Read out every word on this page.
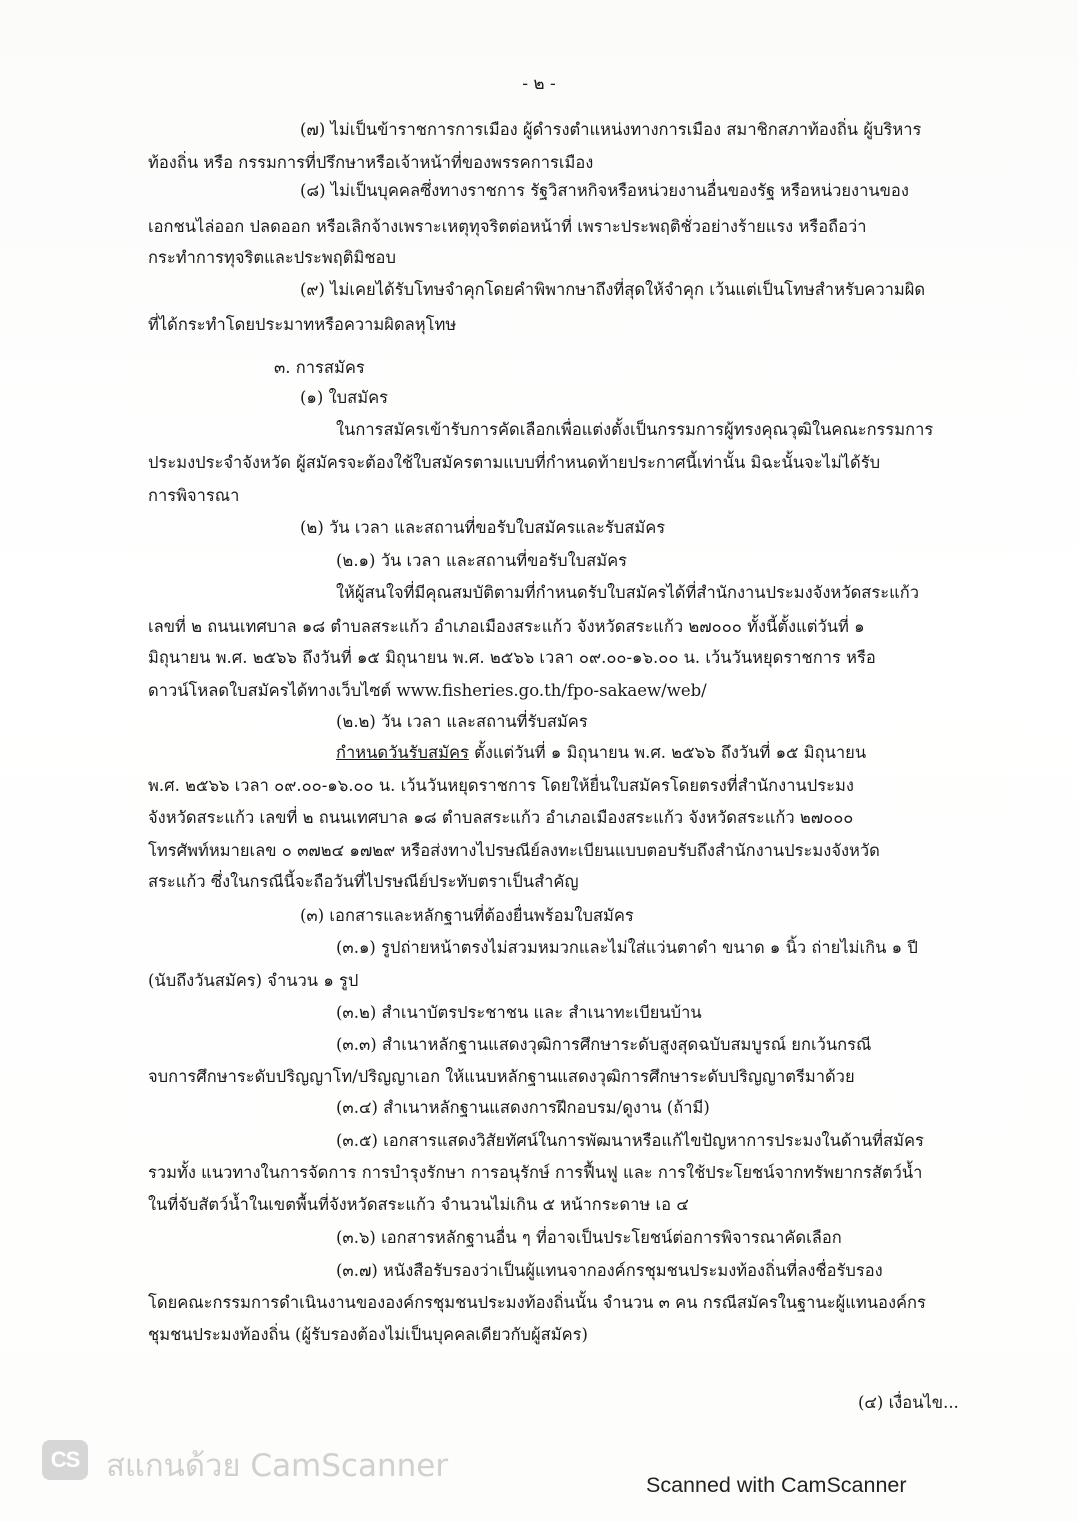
- ๒ -
(๗) ไม่เป็นข้าราชการการเมือง ผู้ดำรงตำแหน่งทางการเมือง สมาชิกสภาท้องถิ่น ผู้บริหาร
ท้องถิ่น หรือ กรรมการที่ปรึกษาหรือเจ้าหน้าที่ของพรรคการเมือง
(๘) ไม่เป็นบุคคลซึ่งทางราชการ รัฐวิสาหกิจหรือหน่วยงานอื่นของรัฐ หรือหน่วยงานของ
เอกชนไล่ออก ปลดออก หรือเลิกจ้างเพราะเหตุทุจริตต่อหน้าที่ เพราะประพฤติชั่วอย่างร้ายแรง หรือถือว่า
กระทำการทุจริตและประพฤติมิชอบ
(๙) ไม่เคยได้รับโทษจำคุกโดยคำพิพากษาถึงที่สุดให้จำคุก เว้นแต่เป็นโทษสำหรับความผิด
ที่ได้กระทำโดยประมาทหรือความผิดลหุโทษ
๓. การสมัคร
(๑) ใบสมัคร
ในการสมัครเข้ารับการคัดเลือกเพื่อแต่งตั้งเป็นกรรมการผู้ทรงคุณวุฒิในคณะกรรมการ
ประมงประจำจังหวัด ผู้สมัครจะต้องใช้ใบสมัครตามแบบที่กำหนดท้ายประกาศนี้เท่านั้น มิฉะนั้นจะไม่ได้รับ
การพิจารณา
(๒) วัน เวลา และสถานที่ขอรับใบสมัครและรับสมัคร
(๒.๑) วัน เวลา และสถานที่ขอรับใบสมัคร
ให้ผู้สนใจที่มีคุณสมบัติตามที่กำหนดรับใบสมัครได้ที่สำนักงานประมงจังหวัดสระแก้ว
เลขที่ ๒ ถนนเทศบาล ๑๘ ตำบลสระแก้ว อำเภอเมืองสระแก้ว จังหวัดสระแก้ว ๒๗๐๐๐ ทั้งนี้ตั้งแต่วันที่ ๑
มิถุนายน พ.ศ. ๒๕๖๖ ถึงวันที่ ๑๕ มิถุนายน พ.ศ. ๒๕๖๖ เวลา ๐๙.๐๐-๑๖.๐๐ น. เว้นวันหยุดราชการ หรือ
ดาวน์โหลดใบสมัครได้ทางเว็บไซต์ www.fisheries.go.th/fpo-sakaew/web/
(๒.๒) วัน เวลา และสถานที่รับสมัคร
กำหนดวันรับสมัคร ตั้งแต่วันที่ ๑ มิถุนายน พ.ศ. ๒๕๖๖ ถึงวันที่ ๑๕ มิถุนายน
พ.ศ. ๒๕๖๖ เวลา ๐๙.๐๐-๑๖.๐๐ น. เว้นวันหยุดราชการ โดยให้ยื่นใบสมัครโดยตรงที่สำนักงานประมง
จังหวัดสระแก้ว เลขที่ ๒ ถนนเทศบาล ๑๘ ตำบลสระแก้ว อำเภอเมืองสระแก้ว จังหวัดสระแก้ว ๒๗๐๐๐
โทรศัพท์หมายเลข ๐ ๓๗๒๔ ๑๗๒๙ หรือส่งทางไปรษณีย์ลงทะเบียนแบบตอบรับถึงสำนักงานประมงจังหวัด
สระแก้ว ซึ่งในกรณีนี้จะถือวันที่ไปรษณีย์ประทับตราเป็นสำคัญ
(๓) เอกสารและหลักฐานที่ต้องยื่นพร้อมใบสมัคร
(๓.๑) รูปถ่ายหน้าตรงไม่สวมหมวกและไม่ใส่แว่นตาดำ ขนาด ๑ นิ้ว ถ่ายไม่เกิน ๑ ปี
(นับถึงวันสมัคร) จำนวน ๑ รูป
(๓.๒) สำเนาบัตรประชาชน และ สำเนาทะเบียนบ้าน
(๓.๓) สำเนาหลักฐานแสดงวุฒิการศึกษาระดับสูงสุดฉบับสมบูรณ์ ยกเว้นกรณี
จบการศึกษาระดับปริญญาโท/ปริญญาเอก ให้แนบหลักฐานแสดงวุฒิการศึกษาระดับปริญญาตรีมาด้วย
(๓.๔) สำเนาหลักฐานแสดงการฝึกอบรม/ดูงาน (ถ้ามี)
(๓.๕) เอกสารแสดงวิสัยทัศน์ในการพัฒนาหรือแก้ไขปัญหาการประมงในด้านที่สมัคร
รวมทั้ง แนวทางในการจัดการ การบำรุงรักษา การอนุรักษ์ การฟื้นฟู และ การใช้ประโยชน์จากทรัพยากรสัตว์น้ำ
ในที่จับสัตว์น้ำในเขตพื้นที่จังหวัดสระแก้ว จำนวนไม่เกิน ๕ หน้ากระดาษ เอ ๔
(๓.๖) เอกสารหลักฐานอื่น ๆ ที่อาจเป็นประโยชน์ต่อการพิจารณาคัดเลือก
(๓.๗) หนังสือรับรองว่าเป็นผู้แทนจากองค์กรชุมชนประมงท้องถิ่นที่ลงชื่อรับรอง
โดยคณะกรรมการดำเนินงานขององค์กรชุมชนประมงท้องถิ่นนั้น จำนวน ๓ คน กรณีสมัครในฐานะผู้แทนองค์กร
ชุมชนประมงท้องถิ่น (ผู้รับรองต้องไม่เป็นบุคคลเดียวกับผู้สมัคร)
(๔) เงื่อนไข...
CS สแกนด้วย CamScanner
Scanned with CamScanner
